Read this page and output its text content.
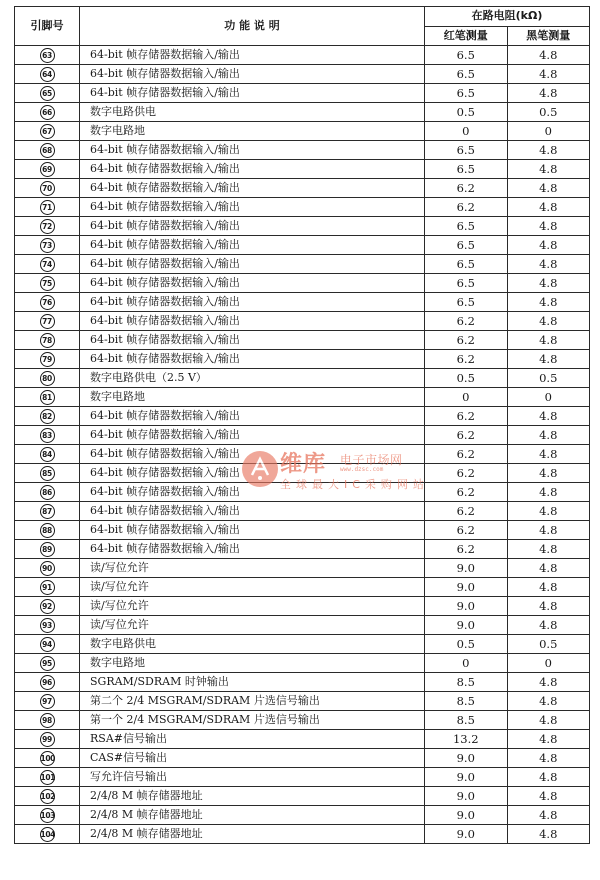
引脚号	功 能 说 明	在路电阻(kΩ)	
		红笔测量	黑笔测量
63	64-bit 帧存储器数据输入/输出	6.5	4.8
64	64-bit 帧存储器数据输入/输出	6.5	4.8
65	64-bit 帧存储器数据输入/输出	6.5	4.8
66	数字电路供电	0.5	0.5
67	数字电路地	0	0
68	64-bit 帧存储器数据输入/输出	6.5	4.8
69	64-bit 帧存储器数据输入/输出	6.5	4.8
70	64-bit 帧存储器数据输入/输出	6.2	4.8
71	64-bit 帧存储器数据输入/输出	6.2	4.8
72	64-bit 帧存储器数据输入/输出	6.5	4.8
73	64-bit 帧存储器数据输入/输出	6.5	4.8
74	64-bit 帧存储器数据输入/输出	6.5	4.8
75	64-bit 帧存储器数据输入/输出	6.5	4.8
76	64-bit 帧存储器数据输入/输出	6.5	4.8
77	64-bit 帧存储器数据输入/输出	6.2	4.8
78	64-bit 帧存储器数据输入/输出	6.2	4.8
79	64-bit 帧存储器数据输入/输出	6.2	4.8
80	数字电路供电（2.5 V）	0.5	0.5
81	数字电路地	0	0
82	64-bit 帧存储器数据输入/输出	6.2	4.8
83	64-bit 帧存储器数据输入/输出	6.2	4.8
84	64-bit 帧存储器数据输入/输出	6.2	4.8
85	64-bit 帧存储器数据输入/输出	6.2	4.8
86	64-bit 帧存储器数据输入/输出	6.2	4.8
87	64-bit 帧存储器数据输入/输出	6.2	4.8
88	64-bit 帧存储器数据输入/输出	6.2	4.8
89	64-bit 帧存储器数据输入/输出	6.2	4.8
90	读/写位允许	9.0	4.8
91	读/写位允许	9.0	4.8
92	读/写位允许	9.0	4.8
93	读/写位允许	9.0	4.8
94	数字电路供电	0.5	0.5
95	数字电路地	0	0
96	SGRAM/SDRAM 时钟输出	8.5	4.8
97	第二个 2/4 MSGRAM/SDRAM 片选信号输出	8.5	4.8
98	第一个 2/4 MSGRAM/SDRAM 片选信号输出	8.5	4.8
99	RSA#信号输出	13.2	4.8
100	CAS#信号输出	9.0	4.8
101	写允许信号输出	9.0	4.8
102	2/4/8 M 帧存储器地址	9.0	4.8
103	2/4/8 M 帧存储器地址	9.0	4.8
104	2/4/8 M 帧存储器地址	9.0	4.8
维库 电子市场网
www.dzsc.com
全球最大IC采购网站
